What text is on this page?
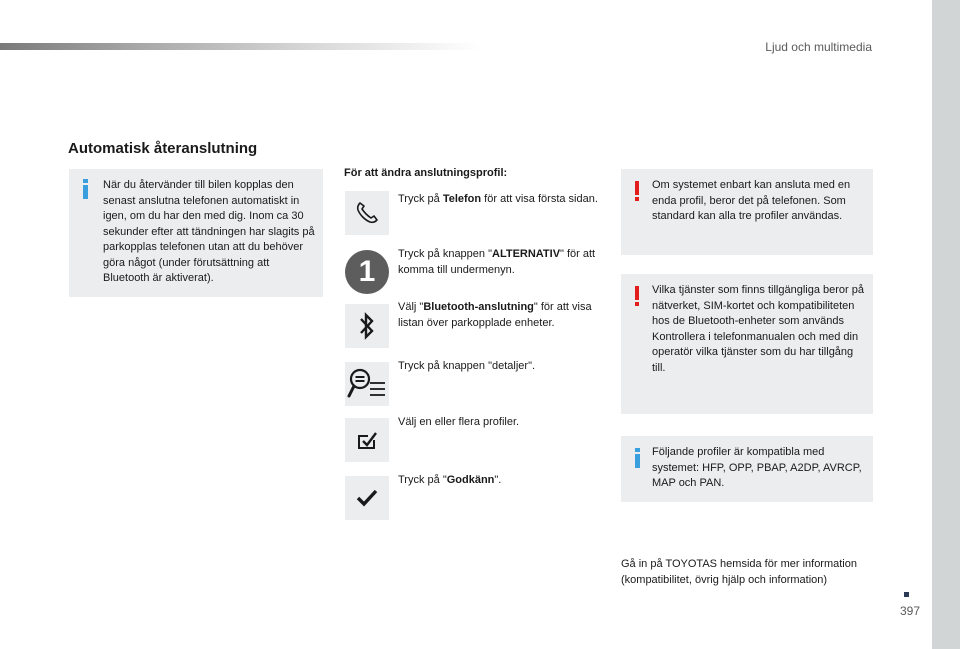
Ljud och multimedia
397
Automatisk återanslutning
När du återvänder till bilen kopplas den senast anslutna telefonen automatiskt in igen, om du har den med dig. Inom ca 30 sekunder efter att tändningen har slagits på parkopplas telefonen utan att du behöver göra något (under förutsättning att Bluetooth är aktiverat).
För att ändra anslutningsprofil:
Tryck på Telefon för att visa första sidan.
1
Tryck på knappen "ALTERNATIV" för att komma till undermenyn.
Välj "Bluetooth-anslutning" för att visa listan över parkopplade enheter.
Tryck på knappen "detaljer".
Välj en eller flera profiler.
Tryck på "Godkänn".
Om systemet enbart kan ansluta med en enda profil, beror det på telefonen. Som standard kan alla tre profiler användas.
Vilka tjänster som finns tillgängliga beror på nätverket, SIM-kortet och kompatibiliteten hos de Bluetooth-enheter som används Kontrollera i telefonmanualen och med din operatör vilka tjänster som du har tillgång till.
Följande profiler är kompatibla med systemet: HFP, OPP, PBAP, A2DP, AVRCP, MAP och PAN.
Gå in på TOYOTAS hemsida för mer information (kompatibilitet, övrig hjälp och information)
